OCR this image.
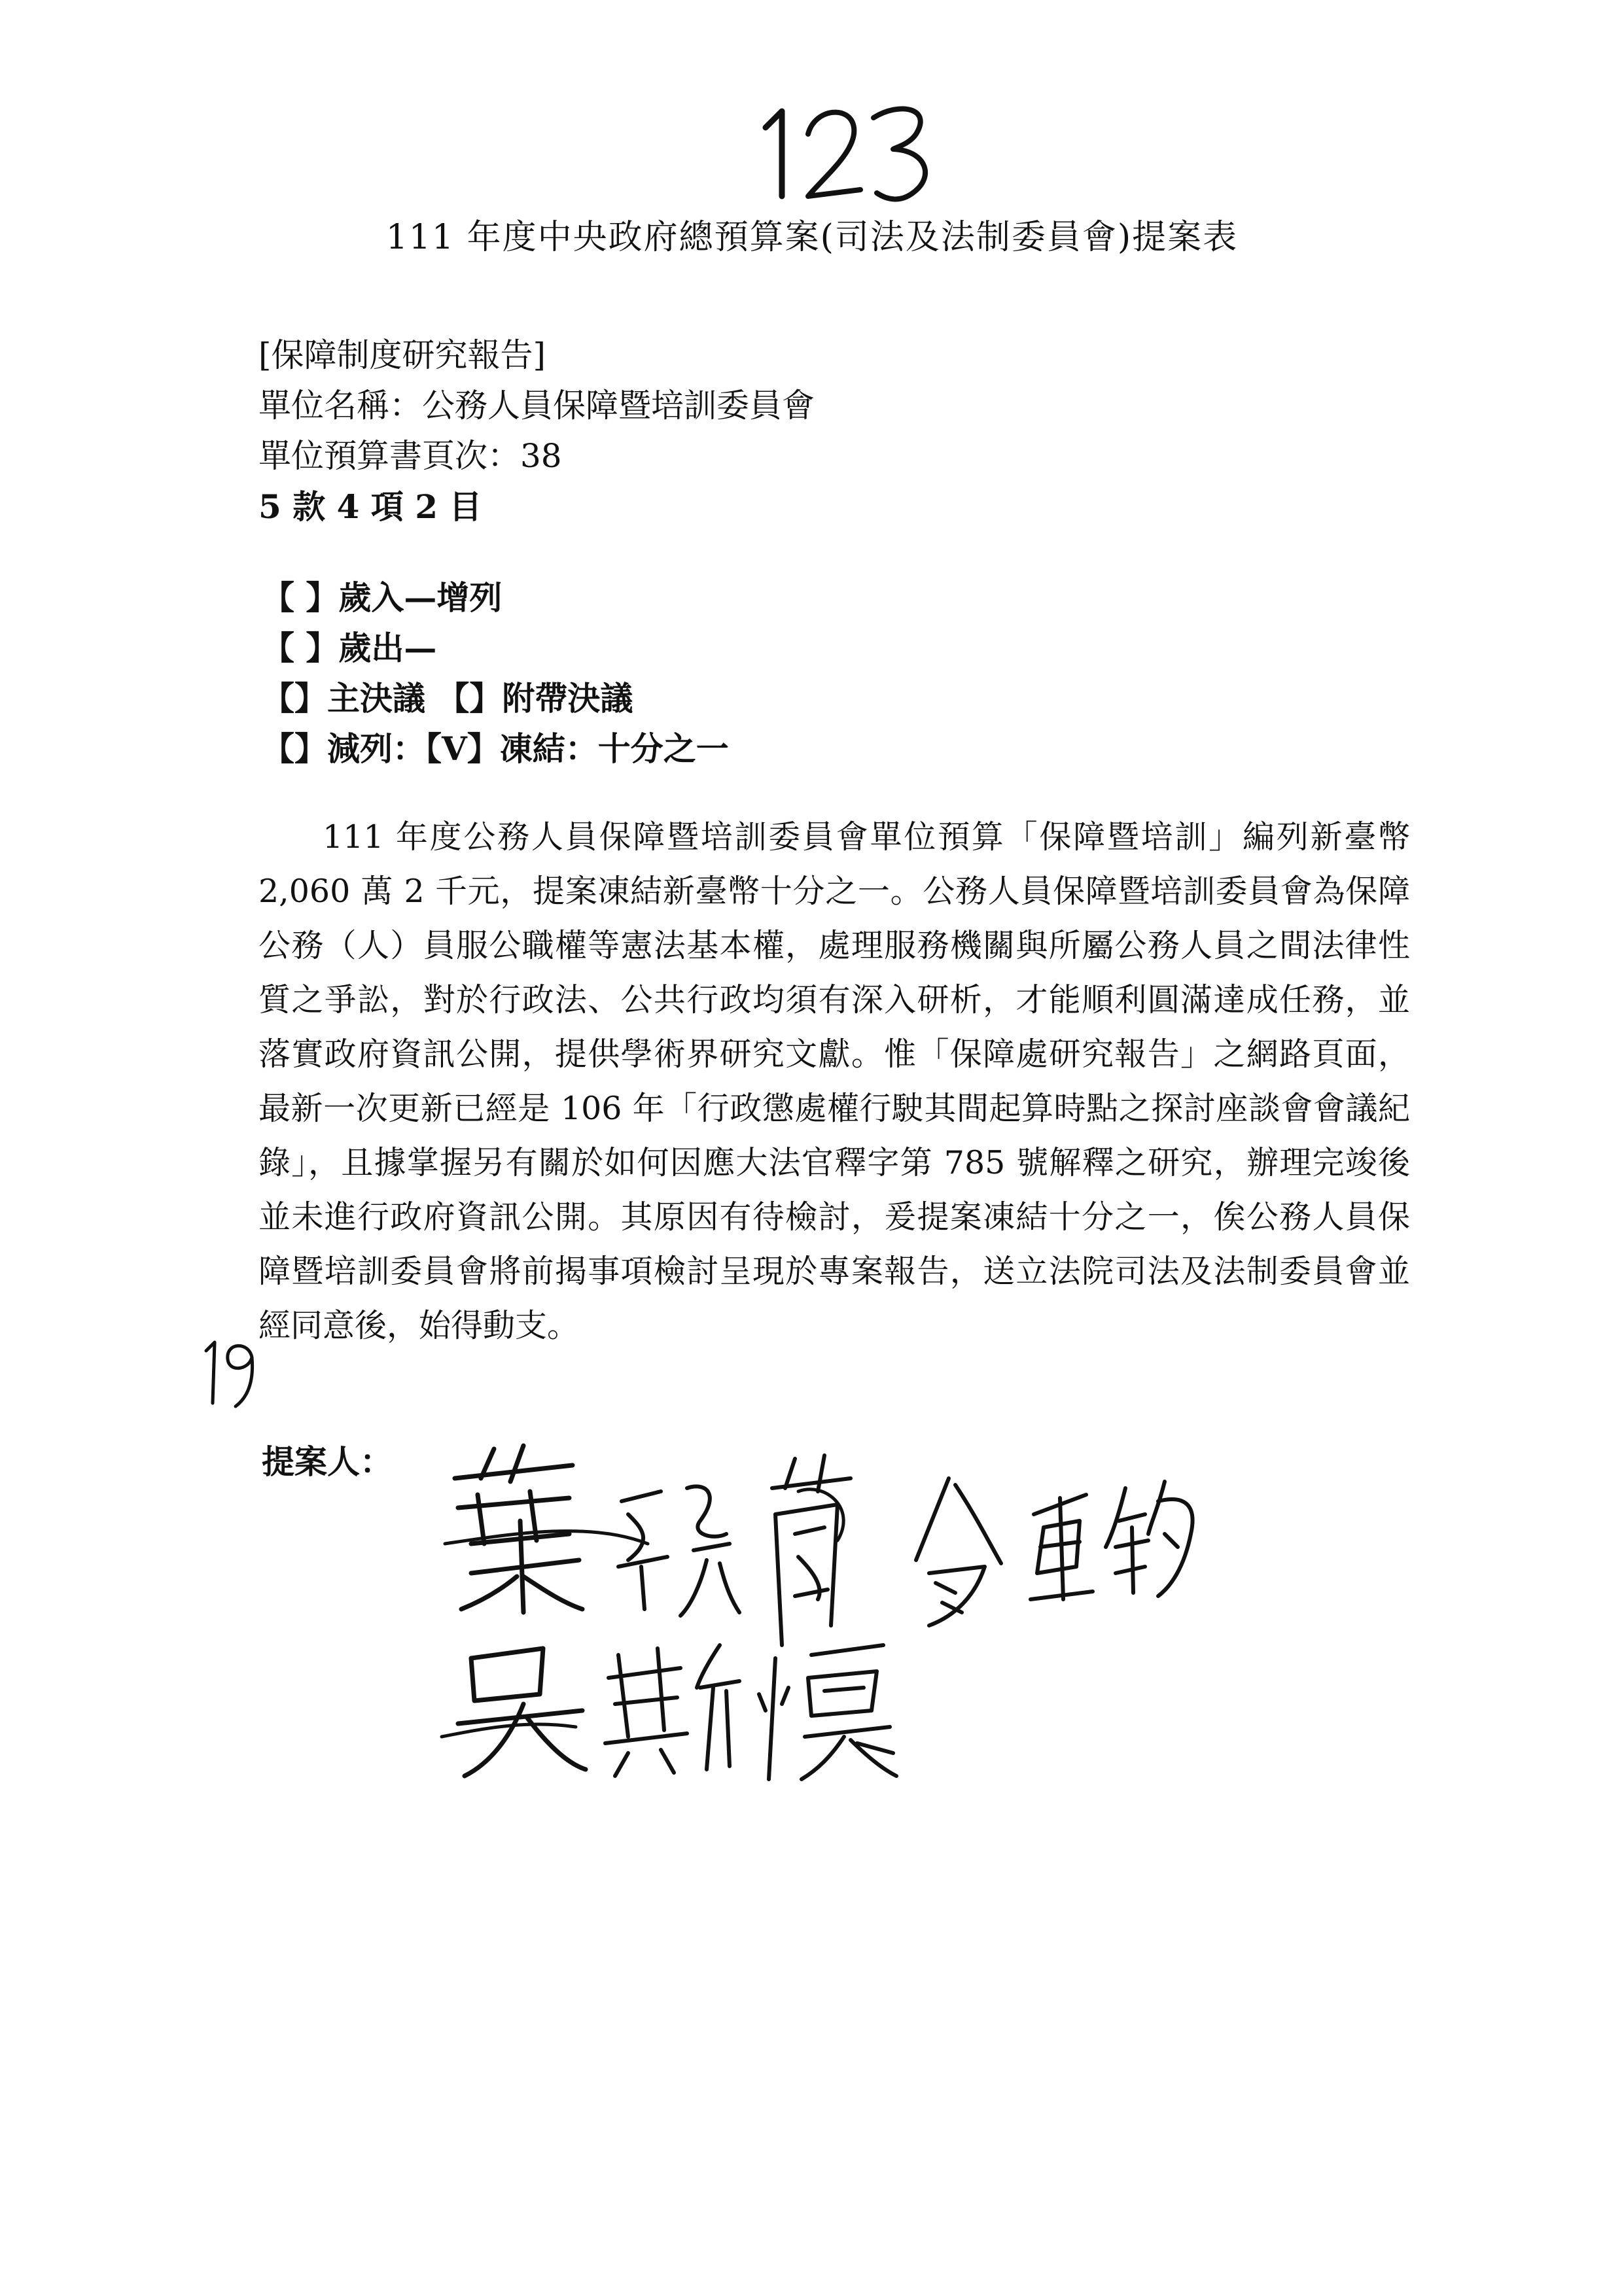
111 年度中央政府總預算案(司法及法制委員會)提案表
[保障制度研究報告]
單位名稱：公務人員保障暨培訓委員會
單位預算書頁次：38
5 款 4 項 2 目
【 】歲入—增列
【 】歲出—
【】主決議 【】附帶決議
【】減列：【V】凍結：十分之一

111 年度公務人員保障暨培訓委員會單位預算「保障暨培訓」編列新臺幣 2,060 萬 2 千元，提案凍結新臺幣十分之一。公務人員保障暨培訓委員會為保障公務（人）員服公職權等憲法基本權，處理服務機關與所屬公務人員之間法律性質之爭訟，對於行政法、公共行政均須有深入研析，才能順利圓滿達成任務，並落實政府資訊公開，提供學術界研究文獻。惟「保障處研究報告」之網路頁面，最新一次更新已經是 106 年「行政懲處權行駛其間起算時點之探討座談會會議紀錄」，且據掌握另有關於如何因應大法官釋字第 785 號解釋之研究，辦理完竣後並未進行政府資訊公開。其原因有待檢討，爰提案凍結十分之一，俟公務人員保障暨培訓委員會將前揭事項檢討呈現於專案報告，送立法院司法及法制委員會並經同意後，始得動支。

提案人：
